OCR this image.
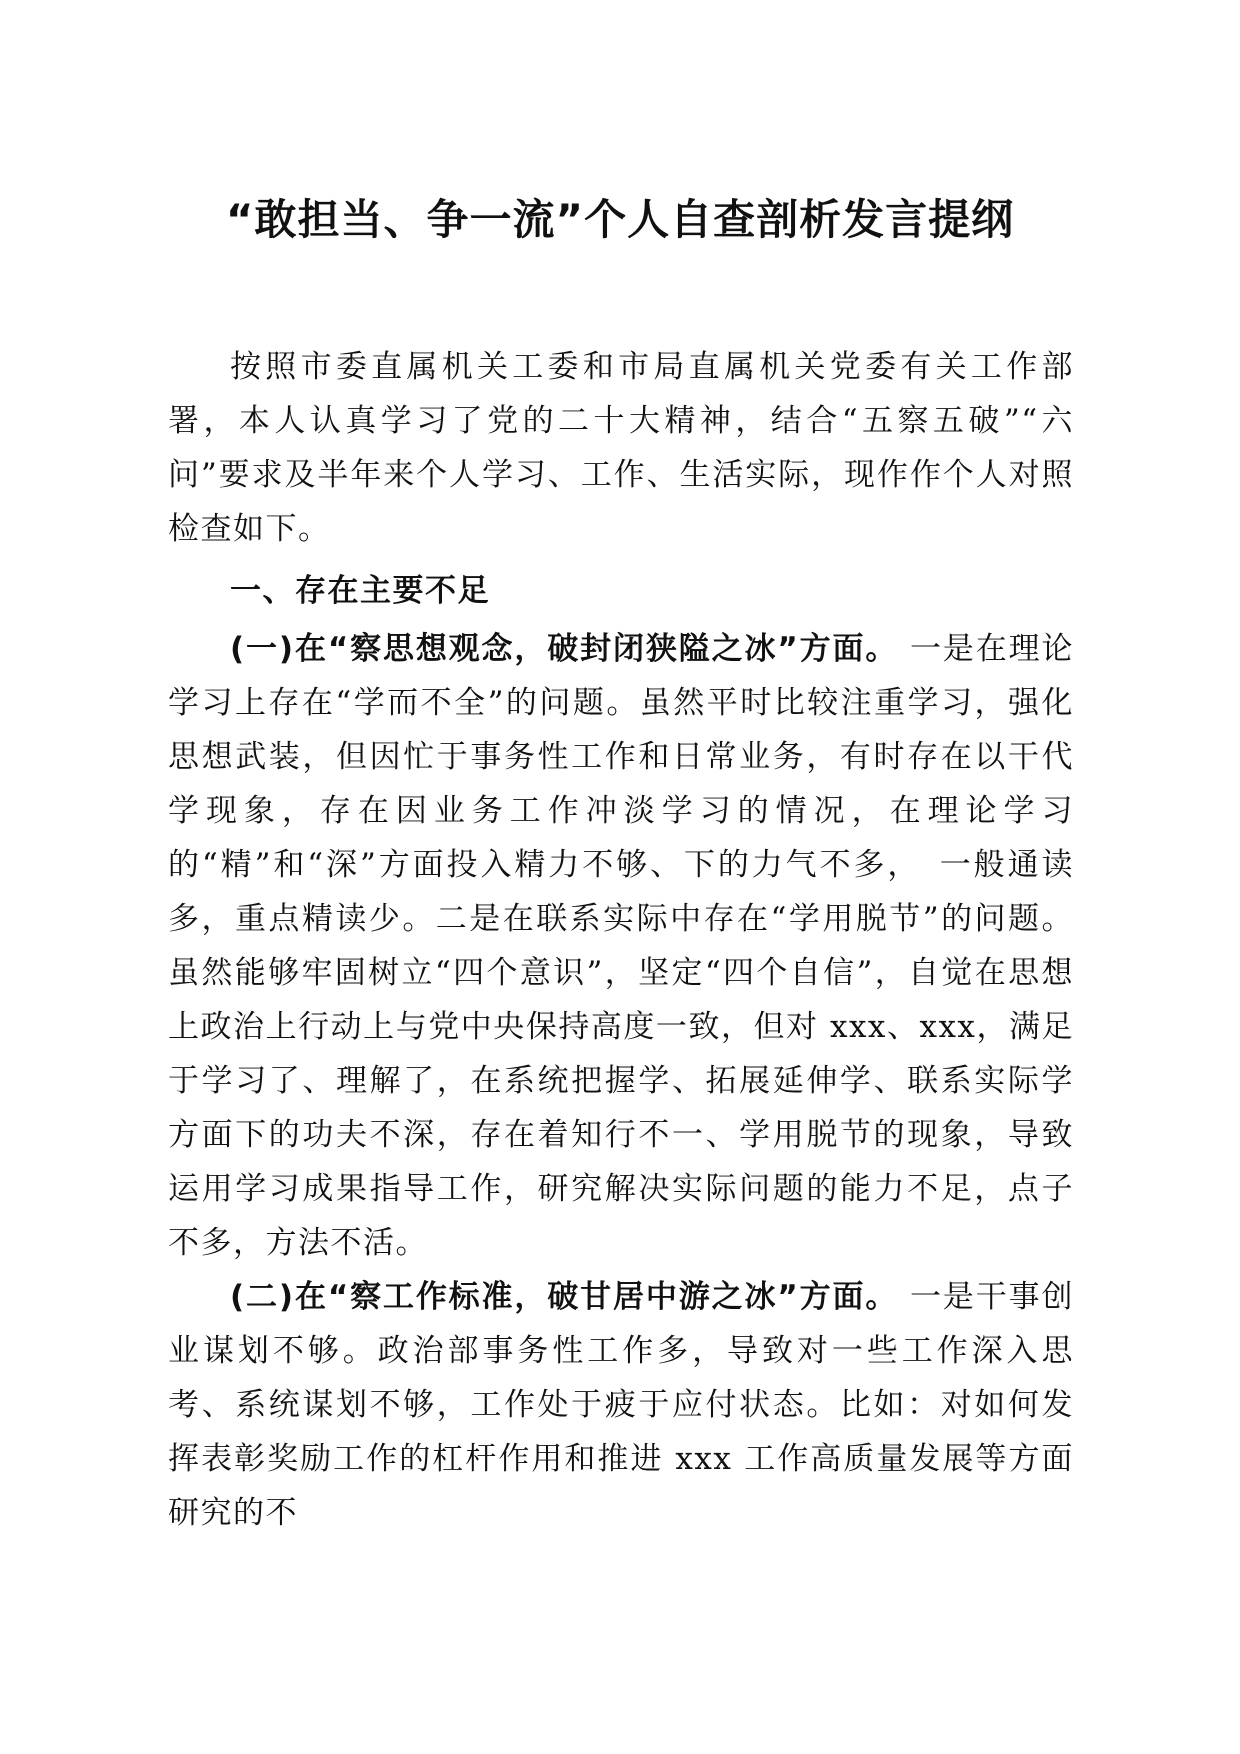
“敢担当、争一流”个人自查剖析发言提纲

按照市委直属机关工委和市局直属机关党委有关工作部署，本人认真学习了党的二十大精神，结合“五察五破”“六问”要求及半年来个人学习、工作、生活实际，现作作个人对照检查如下。

一、存在主要不足

(一)在“察思想观念，破封闭狭隘之冰”方面。 一是在理论学习上存在“学而不全”的问题。虽然平时比较注重学习，强化思想武装，但因忙于事务性工作和日常业务，有时存在以干代学现象，存在因业务工作冲淡学习的情况，在理论学习的“精”和“深”方面投入精力不够、下的力气不多，　一般通读多，重点精读少。二是在联系实际中存在“学用脱节”的问题。虽然能够牢固树立“四个意识”，坚定“四个自信”，自觉在思想上政治上行动上与党中央保持高度一致，但对 xxx、xxx，满足于学习了、理解了，在系统把握学、拓展延伸学、联系实际学方面下的功夫不深，存在着知行不一、学用脱节的现象，导致运用学习成果指导工作，研究解决实际问题的能力不足，点子不多，方法不活。

(二)在“察工作标准，破甘居中游之冰”方面。 一是干事创业谋划不够。政治部事务性工作多，导致对一些工作深入思考、系统谋划不够，工作处于疲于应付状态。比如：对如何发挥表彰奖励工作的杠杆作用和推进 xxx 工作高质量发展等方面研究的不
